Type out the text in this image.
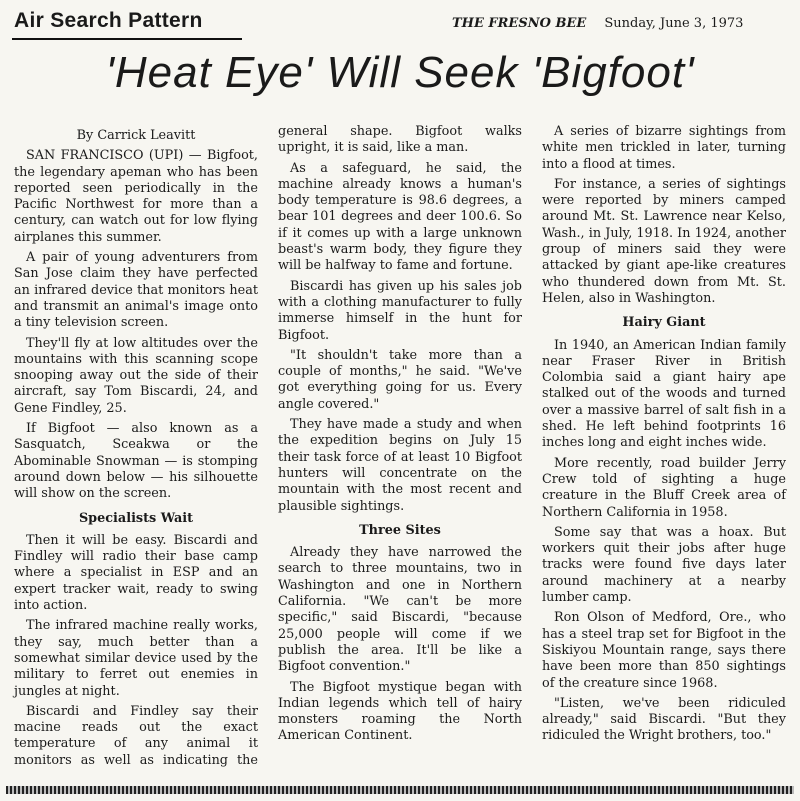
Air Search Pattern	THE FRESNO BEE Sunday, June 3, 1973
'Heat Eye' Will Seek 'Bigfoot'
By Carrick Leavitt

SAN FRANCISCO (UPI) — Bigfoot, the legendary apeman who has been reported seen periodically in the Pacific Northwest for more than a century, can watch out for low flying airplanes this summer.

A pair of young adventurers from San Jose claim they have perfected an infrared device that monitors heat and transmit an animal's image onto a tiny television screen.

They'll fly at low altitudes over the mountains with this scanning scope snooping away out the side of their aircraft, say Tom Biscardi, 24, and Gene Findley, 25.

If Bigfoot — also known as a Sasquatch, Sceakwa or the Abominable Snowman — is stomping around down below — his silhouette will show on the screen.

Specialists Wait

Then it will be easy. Biscardi and Findley will radio their base camp where a specialist in ESP and an expert tracker wait, ready to swing into action.

The infrared machine really works, they say, much better than a somewhat similar device used by the military to ferret out enemies in jungles at night.

Biscardi and Findley say their macine reads out the exact temperature of any animal it monitors as well as indicating the general shape. Bigfoot walks upright, it is said, like a man.

As a safeguard, he said, the machine already knows a human's body temperature is 98.6 degrees, a bear 101 degrees and deer 100.6. So if it comes up with a large unknown beast's warm body, they figure they will be halfway to fame and fortune.

Biscardi has given up his sales job with a clothing manufacturer to fully immerse himself in the hunt for Bigfoot.

"It shouldn't take more than a couple of months," he said. "We've got everything going for us. Every angle covered."

They have made a study and when the expedition begins on July 15 their task force of at least 10 Bigfoot hunters will concentrate on the mountain with the most recent and plausible sightings.

Three Sites

Already they have narrowed the search to three mountains, two in Washington and one in Northern California. "We can't be more specific," said Biscardi, "because 25,000 people will come if we publish the area. It'll be like a Bigfoot convention."

The Bigfoot mystique began with Indian legends which tell of hairy monsters roaming the North American Continent.

A series of bizarre sightings from white men trickled in later, turning into a flood at times.

For instance, a series of sightings were reported by miners camped around Mt. St. Lawrence near Kelso, Wash., in July, 1918. In 1924, another group of miners said they were attacked by giant ape-like creatures who thundered down from Mt. St. Helen, also in Washington.

Hairy Giant

In 1940, an American Indian family near Fraser River in British Colombia said a giant hairy ape stalked out of the woods and turned over a massive barrel of salt fish in a shed. He left behind footprints 16 inches long and eight inches wide.

More recently, road builder Jerry Crew told of sighting a huge creature in the Bluff Creek area of Northern California in 1958.

Some say that was a hoax. But workers quit their jobs after huge tracks were found five days later around machinery at a nearby lumber camp.

Ron Olson of Medford, Ore., who has a steel trap set for Bigfoot in the Siskiyou Mountain range, says there have been more than 850 sightings of the creature since 1968.

"Listen, we've been ridiculed already," said Biscardi. "But they ridiculed the Wright brothers, too."
